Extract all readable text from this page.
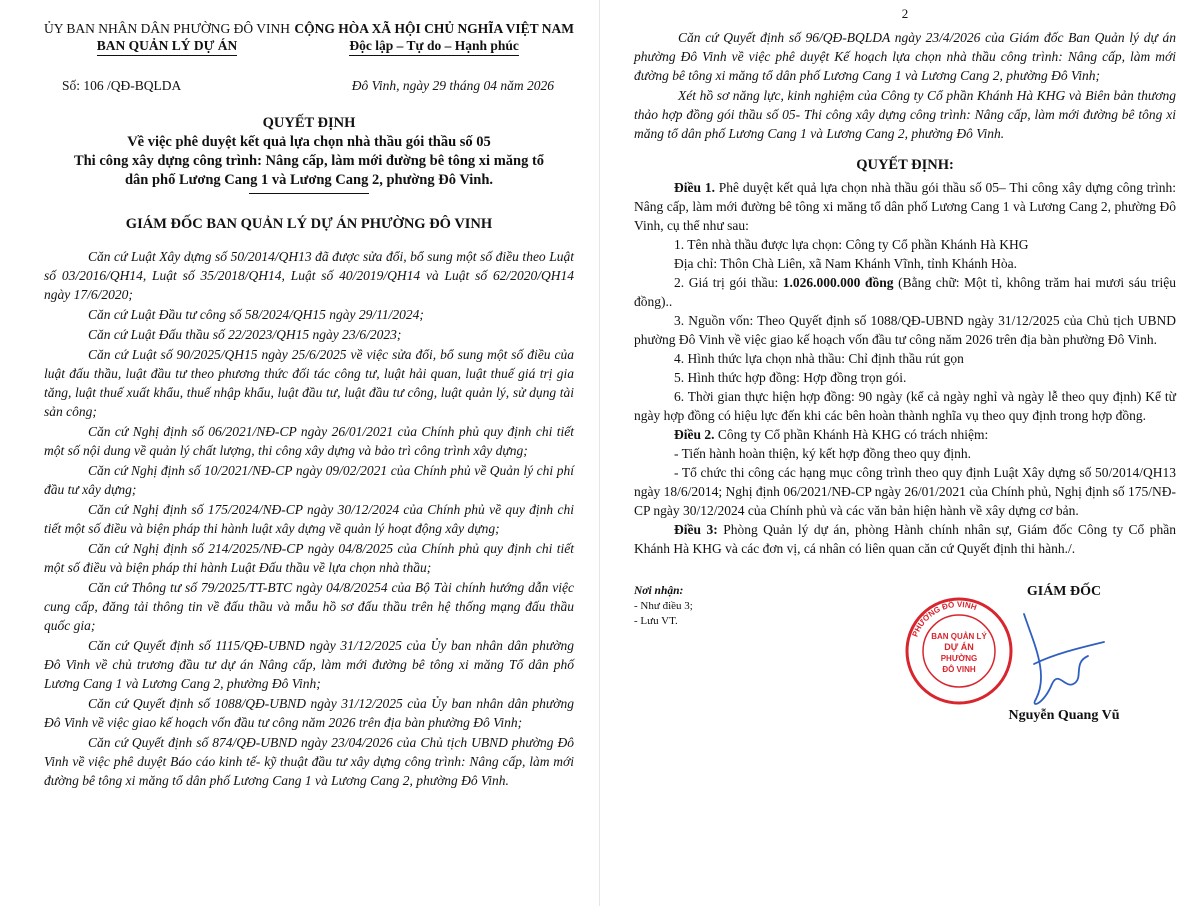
ỦY BAN NHÂN DÂN PHƯỜNG ĐÔ VINH
BAN QUẢN LÝ DỰ ÁN
CỘNG HÒA XÃ HỘI CHỦ NGHĨA VIỆT NAM
Độc lập – Tự do – Hạnh phúc
Số: 106 /QĐ-BQLDA	Đô Vinh, ngày 29 tháng 04 năm 2026
QUYẾT ĐỊNH
Về việc phê duyệt kết quả lựa chọn nhà thầu gói thầu số 05
Thi công xây dựng công trình: Nâng cấp, làm mới đường bê tông xi măng tổ
dân phố Lương Cang 1 và Lương Cang 2, phường Đô Vinh.
GIÁM ĐỐC BAN QUẢN LÝ DỰ ÁN PHƯỜNG ĐÔ VINH

Căn cứ Luật Xây dựng số 50/2014/QH13 đã được sửa đổi, bổ sung một số điều theo Luật số 03/2016/QH14, Luật số 35/2018/QH14, Luật số 40/2019/QH14 và Luật số 62/2020/QH14 ngày 17/6/2020;

Căn cứ Luật Đầu tư công số 58/2024/QH15 ngày 29/11/2024;

Căn cứ Luật Đấu thầu số 22/2023/QH15 ngày 23/6/2023;

Căn cứ Luật số 90/2025/QH15 ngày 25/6/2025 về việc sửa đổi, bổ sung một số điều của luật đấu thầu, luật đầu tư theo phương thức đối tác công tư, luật hải quan, luật thuế giá trị gia tăng, luật thuế xuất khẩu, thuế nhập khẩu, luật đầu tư, luật đầu tư công, luật quản lý, sử dụng tài sản công;

Căn cứ Nghị định số 06/2021/NĐ-CP ngày 26/01/2021 của Chính phủ quy định chi tiết một số nội dung về quản lý chất lượng, thi công xây dựng và bảo trì công trình xây dựng;

Căn cứ Nghị định số 10/2021/NĐ-CP ngày 09/02/2021 của Chính phủ về Quản lý chi phí đầu tư xây dựng;

Căn cứ Nghị định số 175/2024/NĐ-CP ngày 30/12/2024 của Chính phủ về quy định chi tiết một số điều và biện pháp thi hành luật xây dựng về quản lý hoạt động xây dựng;

Căn cứ Nghị định số 214/2025/NĐ-CP ngày 04/8/2025 của Chính phủ quy định chi tiết một số điều và biện pháp thi hành Luật Đấu thầu về lựa chọn nhà thầu;

Căn cứ Thông tư số 79/2025/TT-BTC ngày 04/8/20254 của Bộ Tài chính hướng dẫn việc cung cấp, đăng tải thông tin về đấu thầu và mẫu hồ sơ đấu thầu trên hệ thống mạng đấu thầu quốc gia;

Căn cứ Quyết định số 1115/QĐ-UBND ngày 31/12/2025 của Ủy ban nhân dân phường Đô Vinh về chủ trương đầu tư dự án Nâng cấp, làm mới đường bê tông xi măng Tổ dân phố Lương Cang 1 và Lương Cang 2, phường Đô Vinh;

Căn cứ Quyết định số 1088/QĐ-UBND ngày 31/12/2025 của Ủy ban nhân dân phường Đô Vinh về việc giao kế hoạch vốn đầu tư công năm 2026 trên địa bàn phường Đô Vinh;

Căn cứ Quyết định số 874/QĐ-UBND ngày 23/04/2026 của Chủ tịch UBND phường Đô Vinh về việc phê duyệt Báo cáo kinh tế- kỹ thuật đầu tư xây dựng công trình: Nâng cấp, làm mới đường bê tông xi măng tổ dân phố Lương Cang 1 và Lương Cang 2, phường Đô Vinh.

2

Căn cứ Quyết định số 96/QĐ-BQLDA ngày 23/4/2026 của Giám đốc Ban Quản lý dự án phường Đô Vinh về việc phê duyệt Kế hoạch lựa chọn nhà thầu công trình: Nâng cấp, làm mới đường bê tông xi măng tổ dân phố Lương Cang 1 và Lương Cang 2, phường Đô Vinh;

Xét hồ sơ năng lực, kinh nghiệm của Công ty Cổ phần Khánh Hà KHG và Biên bản thương thảo hợp đồng gói thầu số 05- Thi công xây dựng công trình: Nâng cấp, làm mới đường bê tông xi măng tổ dân phố Lương Cang 1 và Lương Cang 2, phường Đô Vinh.

QUYẾT ĐỊNH:

Điều 1. Phê duyệt kết quả lựa chọn nhà thầu gói thầu số 05– Thi công xây dựng công trình: Nâng cấp, làm mới đường bê tông xi măng tổ dân phố Lương Cang 1 và Lương Cang 2, phường Đô Vinh, cụ thể như sau:

1. Tên nhà thầu được lựa chọn: Công ty Cổ phần Khánh Hà KHG

Địa chỉ: Thôn Chà Liên, xã Nam Khánh Vĩnh, tỉnh Khánh Hòa.

2. Giá trị gói thầu: 1.026.000.000 đồng (Bằng chữ: Một tỉ, không trăm hai mươi sáu triệu đồng)..

3. Nguồn vốn: Theo Quyết định số 1088/QĐ-UBND ngày 31/12/2025 của Chủ tịch UBND phường Đô Vinh về việc giao kế hoạch vốn đầu tư công năm 2026 trên địa bàn phường Đô Vinh.

4. Hình thức lựa chọn nhà thầu: Chỉ định thầu rút gọn

5. Hình thức hợp đồng: Hợp đồng trọn gói.

6. Thời gian thực hiện hợp đồng: 90 ngày (kể cả ngày nghỉ và ngày lễ theo quy định) Kể từ ngày hợp đồng có hiệu lực đến khi các bên hoàn thành nghĩa vụ theo quy định trong hợp đồng.

Điều 2. Công ty Cổ phần Khánh Hà KHG có trách nhiệm:

- Tiến hành hoàn thiện, ký kết hợp đồng theo quy định.

- Tổ chức thi công các hạng mục công trình theo quy định Luật Xây dựng số 50/2014/QH13 ngày 18/6/2014; Nghị định 06/2021/NĐ-CP ngày 26/01/2021 của Chính phủ, Nghị định số 175/NĐ-CP ngày 30/12/2024 của Chính phủ và các văn bản hiện hành về xây dựng cơ bản.

Điều 3: Phòng Quản lý dự án, phòng Hành chính nhân sự, Giám đốc Công ty Cổ phần Khánh Hà KHG và các đơn vị, cá nhân có liên quan căn cứ Quyết định thi hành./.

Nơi nhận:
- Như điều 3;
- Lưu VT.
GIÁM ĐỐC
PHƯỜNG ĐÔ VINH
BAN QUẢN LÝ
DỰ ÁN
PHƯỜNG
ĐÔ VINH
Nguyễn Quang Vũ
